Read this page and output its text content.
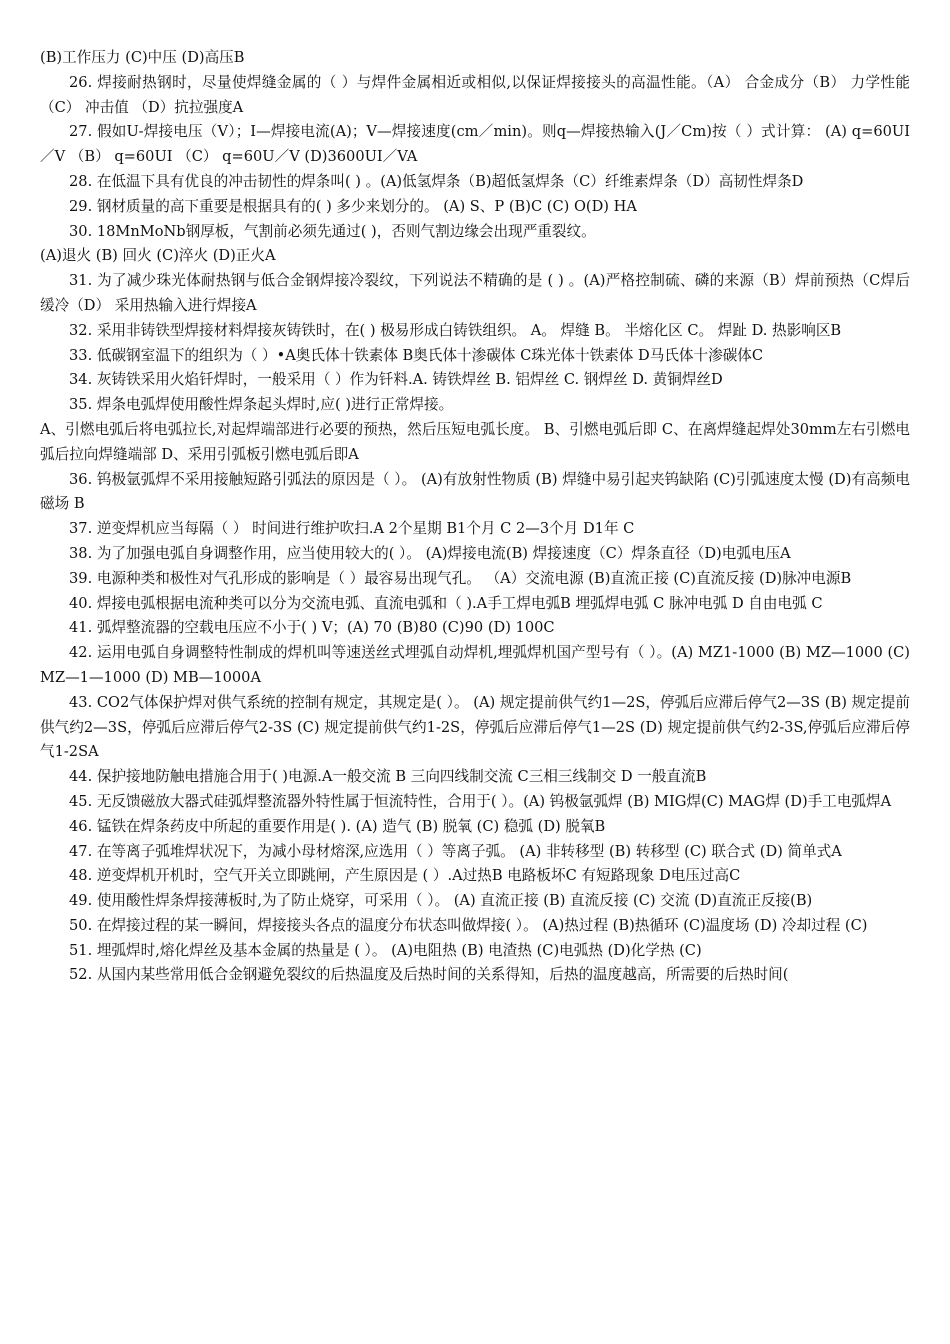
(B)工作压力 (C)中压 (D)高压B
26. 焊接耐热钢时，尽量使焊缝金属的（ ）与焊件金属相近或相似,以保证焊接接头的高温性能。（A） 合金成分（B） 力学性能（C） 冲击值 （D）抗拉强度A
27. 假如U-焊接电压（V）；I—焊接电流(A)；V—焊接速度(cm／min)。则q—焊接热输入(J／Cm)按（ ）式计算： (A) q=60UI／V （B） q=60UI （C） q=60U／V (D)3600UI／VA
28. 在低温下具有优良的冲击韧性的焊条叫( ) 。(A)低氢焊条（B)超低氢焊条（C）纤维素焊条（D）高韧性焊条D
29. 钢材质量的高下重要是根据具有的( ) 多少来划分的。 (A) S、P (B)C (C) O(D) HA
30. 18MnMoNb钢厚板，气割前必须先通过( )，否则气割边缘会出现严重裂纹。
(A)退火 (B) 回火 (C)淬火 (D)正火A
31. 为了减少珠光体耐热钢与低合金钢焊接冷裂纹，下列说法不精确的是 ( ) 。(A)严格控制硫、磷的来源（B）焊前预热（C焊后缓冷（D） 采用热输入进行焊接A
32. 采用非铸铁型焊接材料焊接灰铸铁时，在( ) 极易形成白铸铁组织。 A。 焊缝 B。 半熔化区 C。 焊趾 D. 热影响区B
33. 低碳钢室温下的组织为（ ）•A奥氏体十铁素体 B奥氏体十渗碳体 C珠光体十铁素体 D马氏体十渗碳体C
34. 灰铸铁采用火焰钎焊时，一般采用（ ）作为钎料.A. 铸铁焊丝 B. 铝焊丝 C. 钢焊丝 D. 黄铜焊丝D
35. 焊条电弧焊使用酸性焊条起头焊时,应( )进行正常焊接。
A、引燃电弧后将电弧拉长,对起焊端部进行必要的预热，然后压短电弧长度。 B、引燃电弧后即 C、在离焊缝起焊处30mm左右引燃电弧后拉向焊缝端部 D、采用引弧板引燃电弧后即A
36. 钨极氩弧焊不采用接触短路引弧法的原因是（ ）。 (A)有放射性物质 (B) 焊缝中易引起夹钨缺陷 (C)引弧速度太慢 (D)有高频电磁场 B
37. 逆变焊机应当每隔（ ） 时间进行维护吹扫.A 2个星期 B1个月 C 2—3个月 D1年 C
38. 为了加强电弧自身调整作用，应当使用较大的( ）。 (A)焊接电流(B) 焊接速度（C）焊条直径（D)电弧电压A
39. 电源种类和极性对气孔形成的影响是（ ）最容易出现气孔。 （A）交流电源 (B)直流正接 (C)直流反接 (D)脉冲电源B
40. 焊接电弧根据电流种类可以分为交流电弧、直流电弧和（ ).A手工焊电弧B 埋弧焊电弧 C 脉冲电弧 D 自由电弧 C
41. 弧焊整流器的空载电压应不小于( ) V；(A) 70 (B)80 (C)90 (D) 100C
42. 运用电弧自身调整特性制成的焊机叫等速送丝式埋弧自动焊机,埋弧焊机国产型号有（ ）。(A) MZ1-1000 (B) MZ—1000 (C)MZ—1—1000 (D) MB—1000A
43. CO2气体保护焊对供气系统的控制有规定，其规定是( ）。 (A) 规定提前供气约1—2S，停弧后应滞后停气2—3S (B) 规定提前供气约2—3S，停弧后应滞后停气2-3S (C) 规定提前供气约1-2S，停弧后应滞后停气1—2S (D) 规定提前供气约2-3S,停弧后应滞后停气1-2SA
44. 保护接地防触电措施合用于( )电源.A一般交流 B 三向四线制交流 C三相三线制交 D 一般直流B
45. 无反馈磁放大器式硅弧焊整流器外特性属于恒流特性，合用于( ）。(A) 钨极氩弧焊 (B) MIG焊(C) MAG焊 (D)手工电弧焊A
46. 锰铁在焊条药皮中所起的重要作用是( ). (A) 造气 (B) 脱氧 (C) 稳弧 (D) 脱氧B
47. 在等离子弧堆焊状况下，为减小母材熔深,应选用（ ）等离子弧。 (A) 非转移型 (B) 转移型 (C) 联合式 (D) 简单式A
48. 逆变焊机开机时，空气开关立即跳闸，产生原因是 ( ）.A过热B 电路板坏C 有短路现象 D电压过高C
49. 使用酸性焊条焊接薄板时,为了防止烧穿，可采用（ ）。 (A) 直流正接 (B) 直流反接 (C) 交流 (D)直流正反接(B)
50. 在焊接过程的某一瞬间，焊接接头各点的温度分布状态叫做焊接( ）。 (A)热过程 (B)热循环 (C)温度场 (D) 冷却过程 (C)
51. 埋弧焊时,熔化焊丝及基本金属的热量是 ( ）。 (A)电阻热 (B) 电渣热 (C)电弧热 (D)化学热 (C)
52. 从国内某些常用低合金钢避免裂纹的后热温度及后热时间的关系得知，后热的温度越高，所需要的后热时间(
